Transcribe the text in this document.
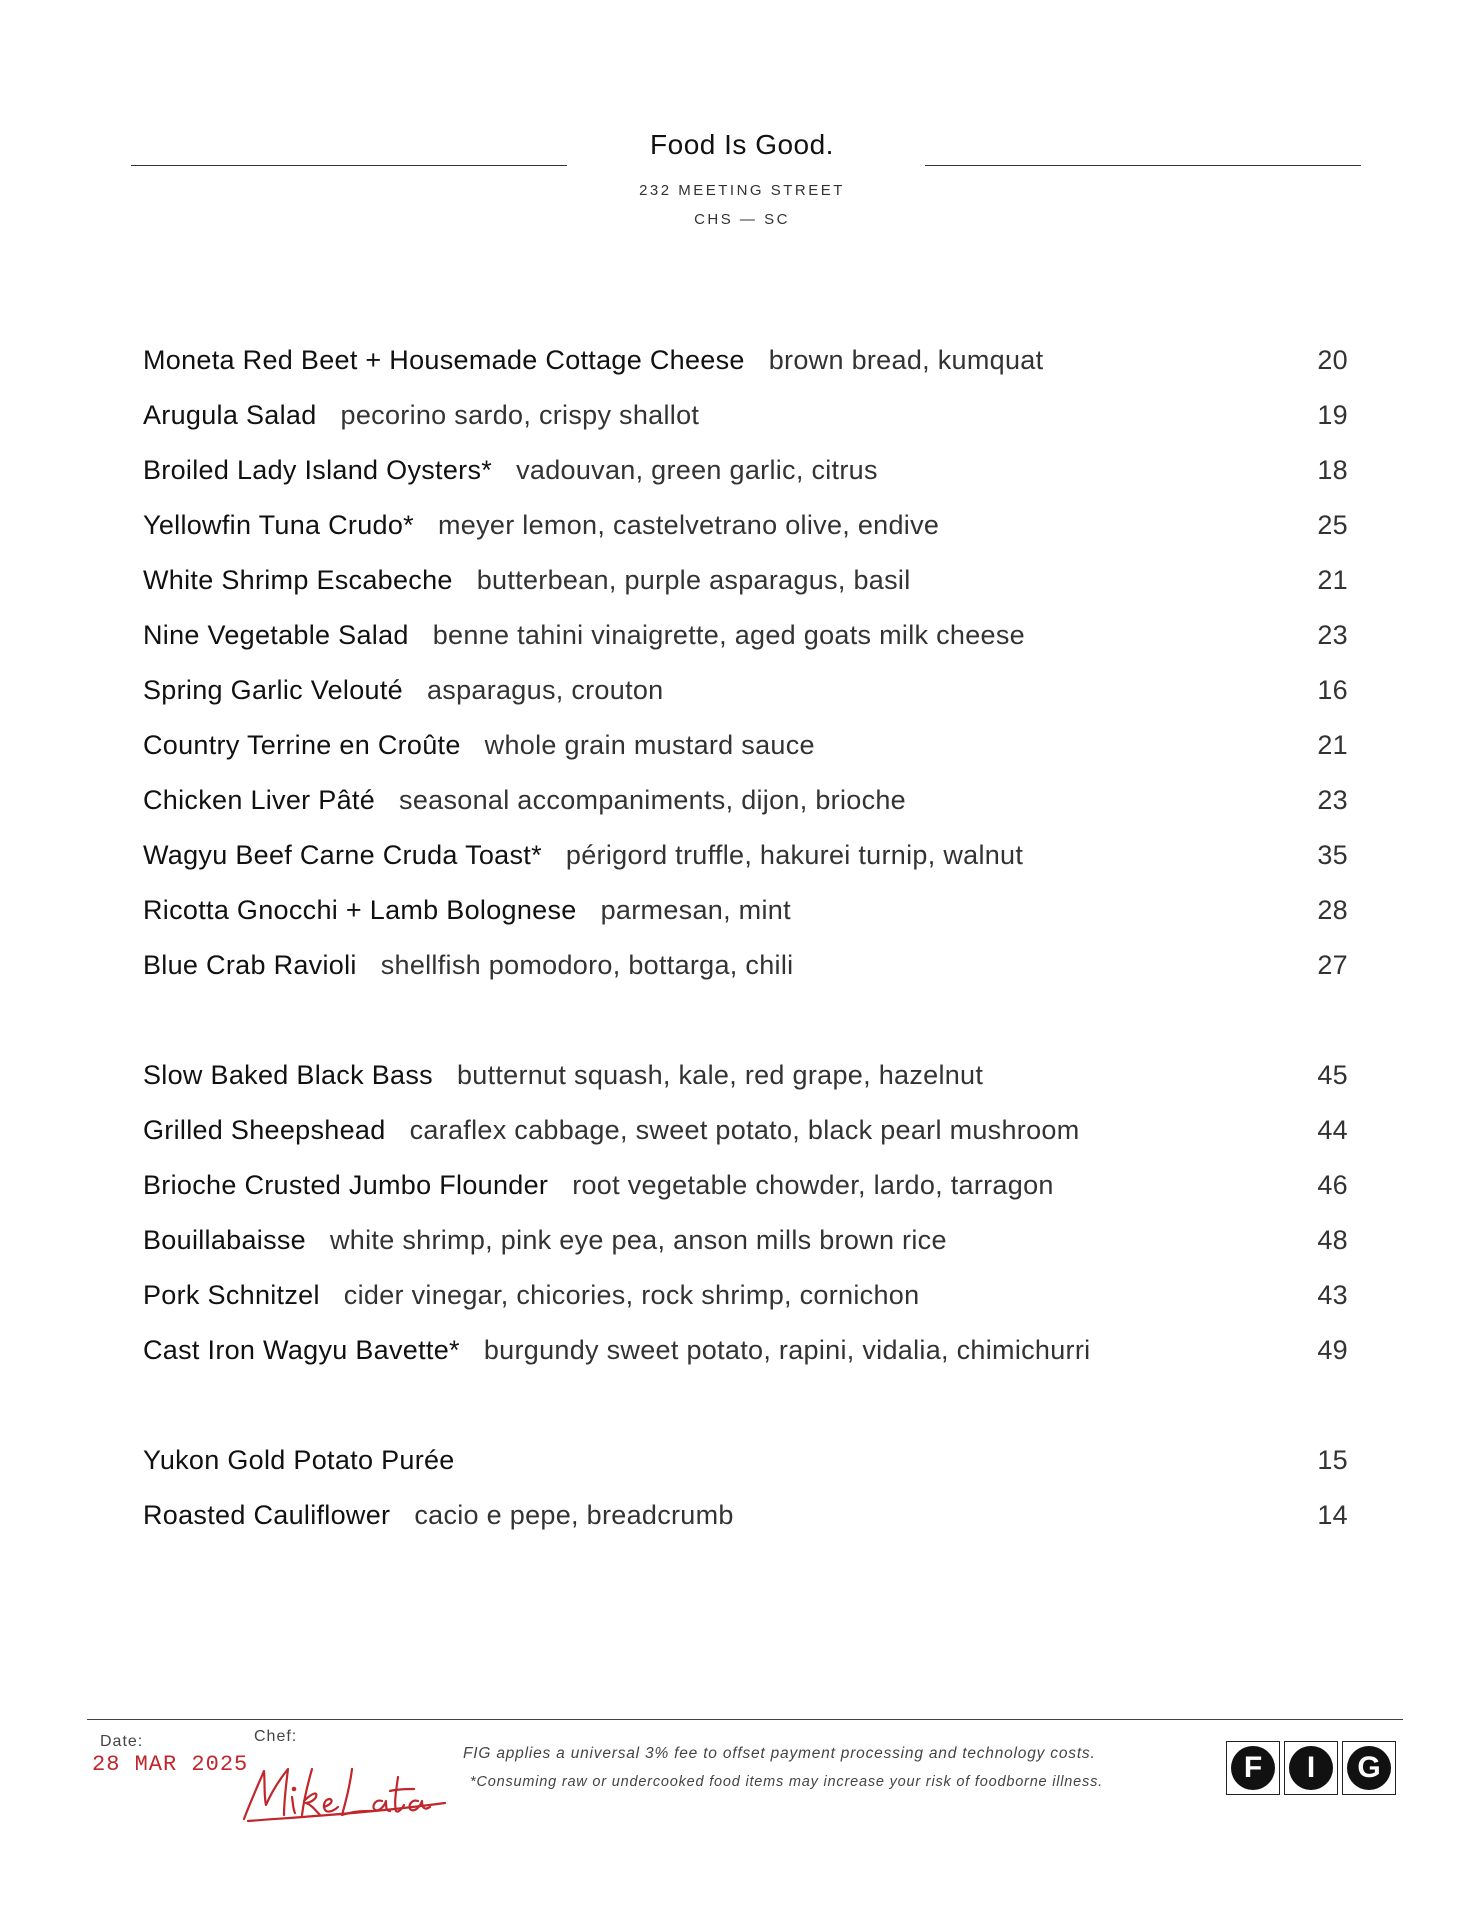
Food Is Good.
232 MEETING STREET
CHS — SC
Moneta Red Beet + Housemade Cottage Cheese brown bread, kumquat	20
Arugula Salad pecorino sardo, crispy shallot	19
Broiled Lady Island Oysters* vadouvan, green garlic, citrus	18
Yellowfin Tuna Crudo* meyer lemon, castelvetrano olive, endive	25
White Shrimp Escabeche butterbean, purple asparagus, basil	21
Nine Vegetable Salad benne tahini vinaigrette, aged goats milk cheese	23
Spring Garlic Velouté asparagus, crouton	16
Country Terrine en Croûte whole grain mustard sauce	21
Chicken Liver Pâté seasonal accompaniments, dijon, brioche	23
Wagyu Beef Carne Cruda Toast* périgord truffle, hakurei turnip, walnut	35
Ricotta Gnocchi + Lamb Bolognese parmesan, mint	28
Blue Crab Ravioli shellfish pomodoro, bottarga, chili	27
Slow Baked Black Bass butternut squash, kale, red grape, hazelnut	45
Grilled Sheepshead caraflex cabbage, sweet potato, black pearl mushroom	44
Brioche Crusted Jumbo Flounder root vegetable chowder, lardo, tarragon	46
Bouillabaisse white shrimp, pink eye pea, anson mills brown rice	48
Pork Schnitzel cider vinegar, chicories, rock shrimp, cornichon	43
Cast Iron Wagyu Bavette* burgundy sweet potato, rapini, vidalia, chimichurri	49
Yukon Gold Potato Purée	15
Roasted Cauliflower cacio e pepe, breadcrumb	14
Date:
28 MAR 2025
Chef:
FIG applies a universal 3% fee to offset payment processing and technology costs.
*Consuming raw or undercooked food items may increase your risk of foodborne illness.	F	I	G
